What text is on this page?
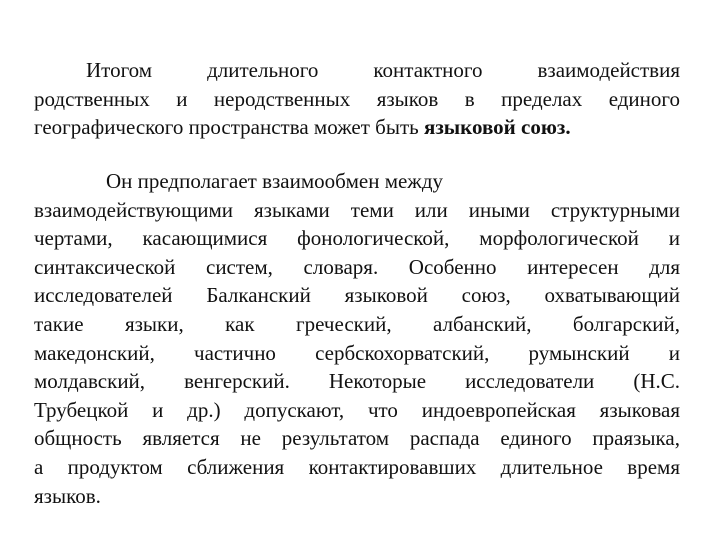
Итогом длительного контактного взаимодействия
родственных и неродственных языков в пределах единого
географического пространства может быть языковой союз.
Он предполагает взаимообмен между
взаимодействующими языками теми или иными структурными
чертами, касающимися фонологической, морфологической и
синтаксической систем, словаря. Особенно интересен для
исследователей Балканский языковой союз, охватывающий
такие языки, как греческий, албанский, болгарский,
македонский, частично сербскохорватский, румынский и
молдавский, венгерский. Некоторые исследователи (Н.С.
Трубецкой и др.) допускают, что индоевропейская языковая
общность является не результатом распада единого праязыка,
а продуктом сближения контактировавших длительное время
языков.
